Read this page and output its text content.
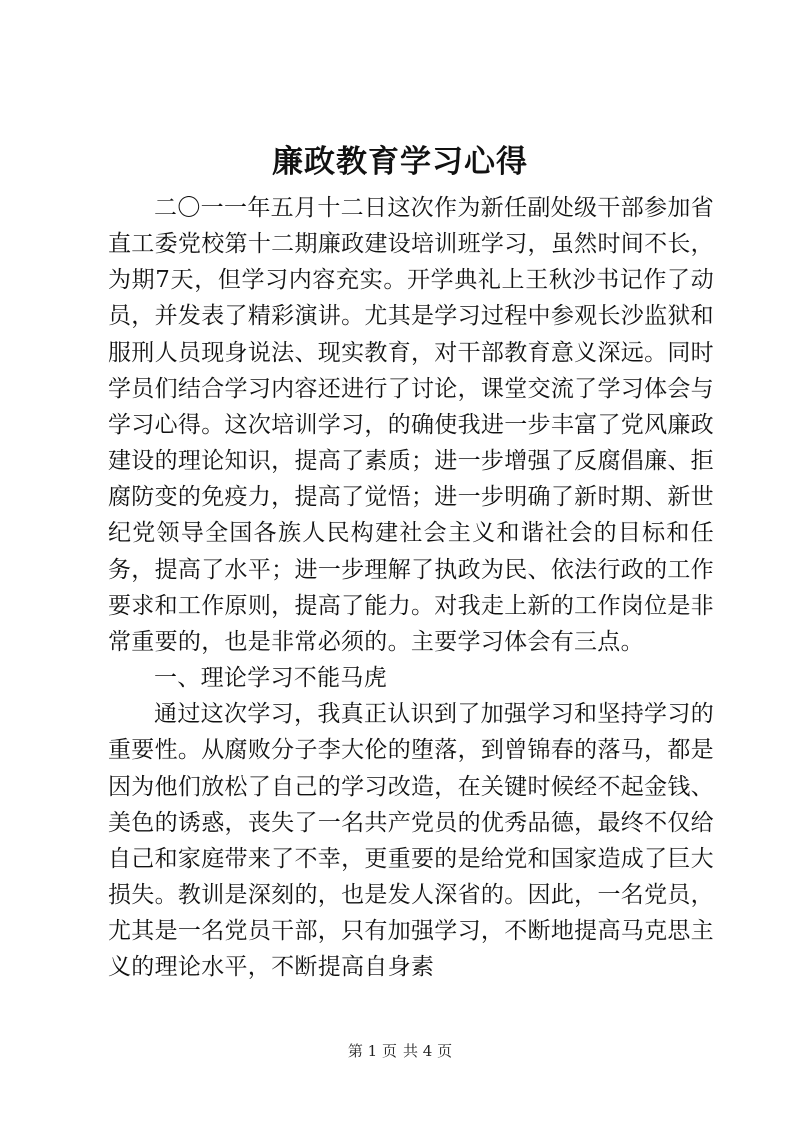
廉政教育学习心得

二〇一一年五月十二日这次作为新任副处级干部参加省直工委党校第十二期廉政建设培训班学习，虽然时间不长，为期7天，但学习内容充实。开学典礼上王秋沙书记作了动员，并发表了精彩演讲。尤其是学习过程中参观长沙监狱和服刑人员现身说法、现实教育，对干部教育意义深远。同时学员们结合学习内容还进行了讨论，课堂交流了学习体会与学习心得。这次培训学习，的确使我进一步丰富了党风廉政建设的理论知识，提高了素质；进一步增强了反腐倡廉、拒腐防变的免疫力，提高了觉悟；进一步明确了新时期、新世纪党领导全国各族人民构建社会主义和谐社会的目标和任务，提高了水平；进一步理解了执政为民、依法行政的工作要求和工作原则，提高了能力。对我走上新的工作岗位是非常重要的，也是非常必须的。主要学习体会有三点。

一、理论学习不能马虎

通过这次学习，我真正认识到了加强学习和坚持学习的重要性。从腐败分子李大伦的堕落，到曾锦春的落马，都是因为他们放松了自己的学习改造，在关键时候经不起金钱、美色的诱惑，丧失了一名共产党员的优秀品德，最终不仅给自己和家庭带来了不幸，更重要的是给党和国家造成了巨大损失。教训是深刻的，也是发人深省的。因此，一名党员，尤其是一名党员干部，只有加强学习，不断地提高马克思主义的理论水平，不断提高自身素

第 1 页 共 4 页
